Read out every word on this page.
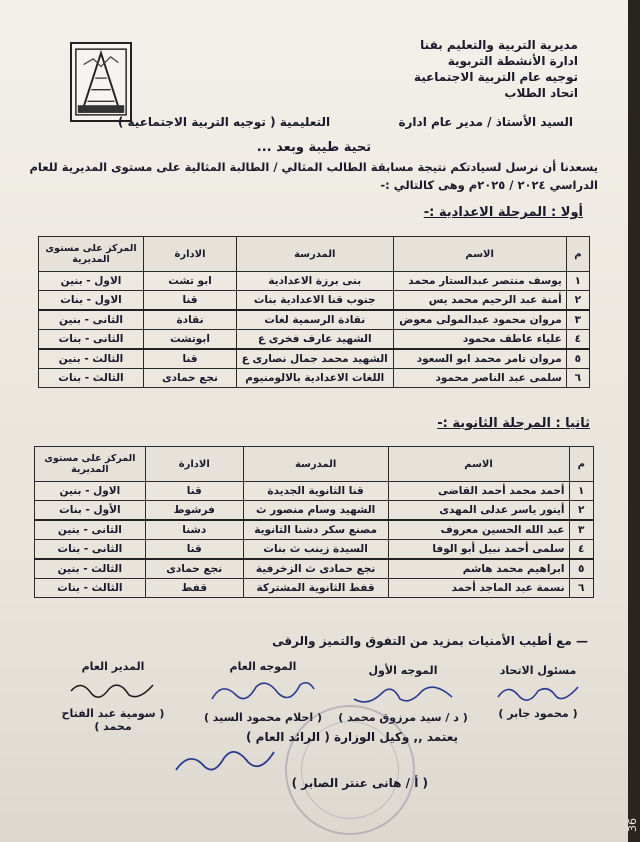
مديرية التربية والتعليم بقنا
ادارة الأنشطة التربوية
توجيه عام التربية الاجتماعية
اتحاد الطلاب
السيد الأستاذ / مدير عام ادارة  التعليمية ( توجيه التربية الاجتماعية )
تحية طيبة وبعد ...
يسعدنا أن نرسل لسيادتكم نتيجة مسابقة الطالب المثالي / الطالبة المثالية على مستوى المديرية للعام
الدراسي ٢٠٢٤ / ٢٠٢٥م وهى كالتالي :-
أولا : المرحلة الاعدادية :-
م	الاسم	المدرسة	الادارة	المركز على مستوى المديرية
١	يوسف منتصر عبدالستار محمد	بنى برزة الاعدادية	ابو تشت	الاول - بنين
٢	أمنة عبد الرحيم محمد يس	جنوب قنا الاعدادية بنات	قنا	الاول - بنات
٣	مروان محمود عبدالمولى معوض	نقادة الرسمية لغات	نقادة	الثانى - بنين
٤	علياء عاطف محمود	الشهيد عارف فخرى ع	ابوتشت	الثانى - بنات
٥	مروان تامر محمد ابو السعود	الشهيد محمد جمال نصارى ع	قنا	الثالث - بنين
٦	سلمى عبد الناصر محمود	اللغات الاعدادية بالالومنيوم	نجع حمادى	الثالث - بنات
ثانيا : المرحلة الثانوية :-
م	الاسم	المدرسة	الادارة	المركز على مستوى المديرية
١	أحمد محمد أحمد القاضى	قنا الثانوية الجديدة	قنا	الاول - بنين
٢	أينور ياسر عدلى المهدى	الشهيد وسام منصور ث	فرشوط	الأول - بنات
٣	عبد الله الحسين معروف	مصنع سكر دشنا الثانوية	دشنا	الثانى - بنين
٤	سلمى أحمد نبيل أبو الوفا	السيدة زينب ث بنات	قنا	الثانى - بنات
٥	ابراهيم محمد هاشم	نجع حمادى ث الزخرفية	نجع حمادى	الثالث - بنين
٦	نسمة عبد الماجد أحمد	قفط الثانوية المشتركة	قفط	الثالث - بنات
— مع أطيب الأمنيات بمزيد من التفوق والتميز والرقى
مسئول الاتحاد
( محمود جابر )
الموجه الأول
( د / سيد مرزوق محمد )
الموجه العام
( احلام محمود السيد )
المدير العام
( سومية عبد الفتاح محمد )
يعتمد ,, وكيل الوزارة ( الرائد العام )
( أ / هانى عنتر الصابر )
36
